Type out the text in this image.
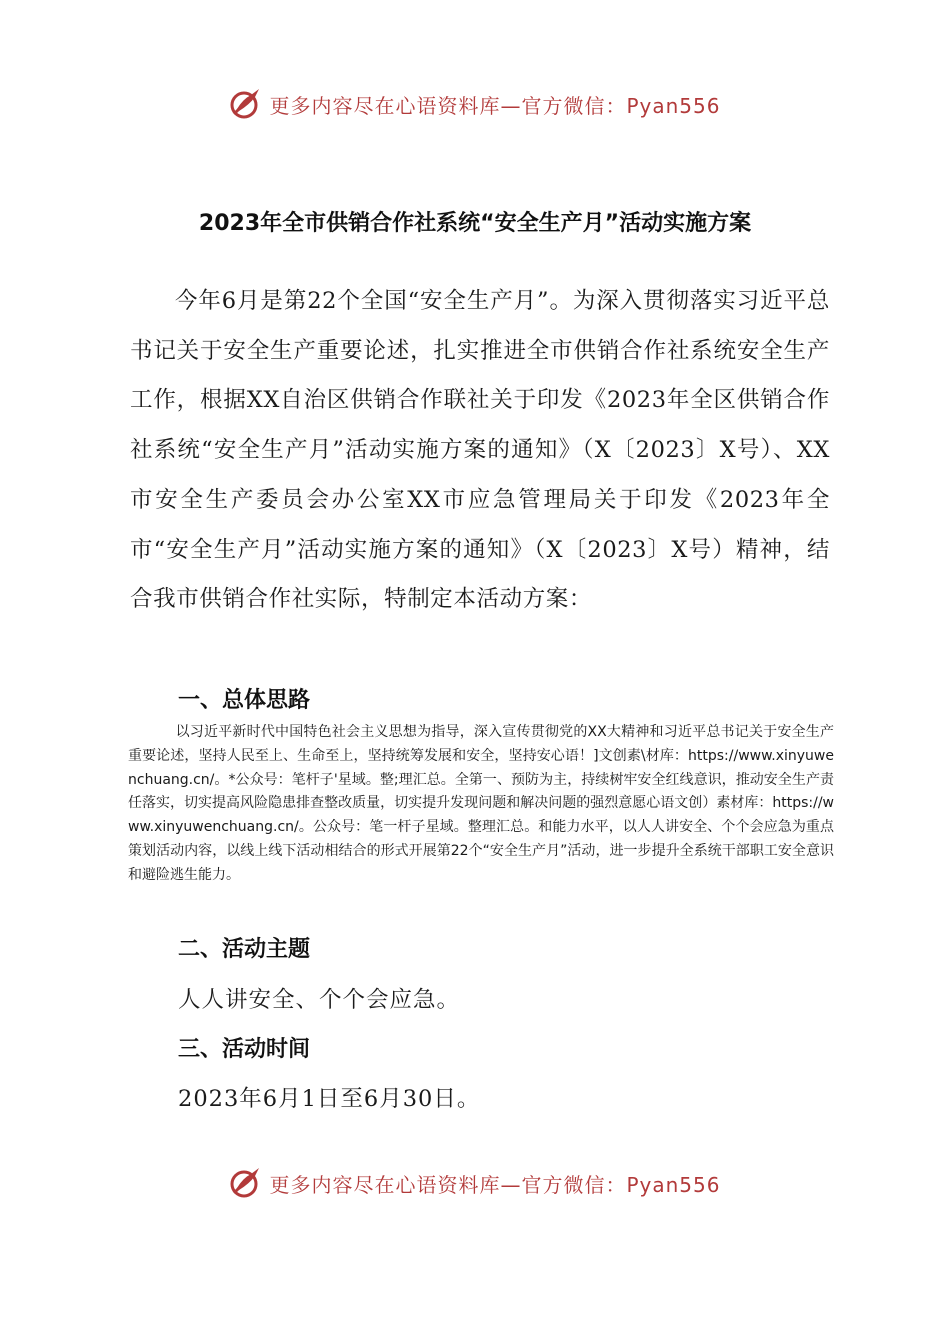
更多内容尽在心语资料库—官方微信：Pyan556
2023年全市供销合作社系统“安全生产月”活动实施方案

今年6月是第22个全国“安全生产月”。为深入贯彻落实习近平总书记关于安全生产重要论述，扎实推进全市供销合作社系统安全生产工作，根据XX自治区供销合作联社关于印发《2023年全区供销合作社系统“安全生产月”活动实施方案的通知》（X〔2023〕X号）、XX市安全生产委员会办公室XX市应急管理局关于印发《2023年全市“安全生产月”活动实施方案的通知》（X〔2023〕X号）精神，结合我市供销合作社实际，特制定本活动方案：

一、总体思路

以习近平新时代中国特色社会主义思想为指导，深入宣传贯彻党的XX大精神和习近平总书记关于安全生产重要论述，坚持人民至上、生命至上，坚持统筹发展和安全，坚持安心语！]文创素\材库：https://www.xinyuwenchuang.cn/。*公众号：笔杆子'星域。整;理汇总。全第一、预防为主，持续树牢安全红线意识，推动安全生产责任落实，切实提高风险隐患排查整改质量，切实提升发现问题和解决问题的强烈意愿心语文创）素材库：https://www.xinyuwenchuang.cn/。公众号：笔一杆子星域。整理汇总。和能力水平，以人人讲安全、个个会应急为重点策划活动内容，以线上线下活动相结合的形式开展第22个“安全生产月”活动，进一步提升全系统干部职工安全意识和避险逃生能力。

二、活动主题
人人讲安全、个个会应急。
三、活动时间
2023年6月1日至6月30日。
更多内容尽在心语资料库—官方微信：Pyan556
